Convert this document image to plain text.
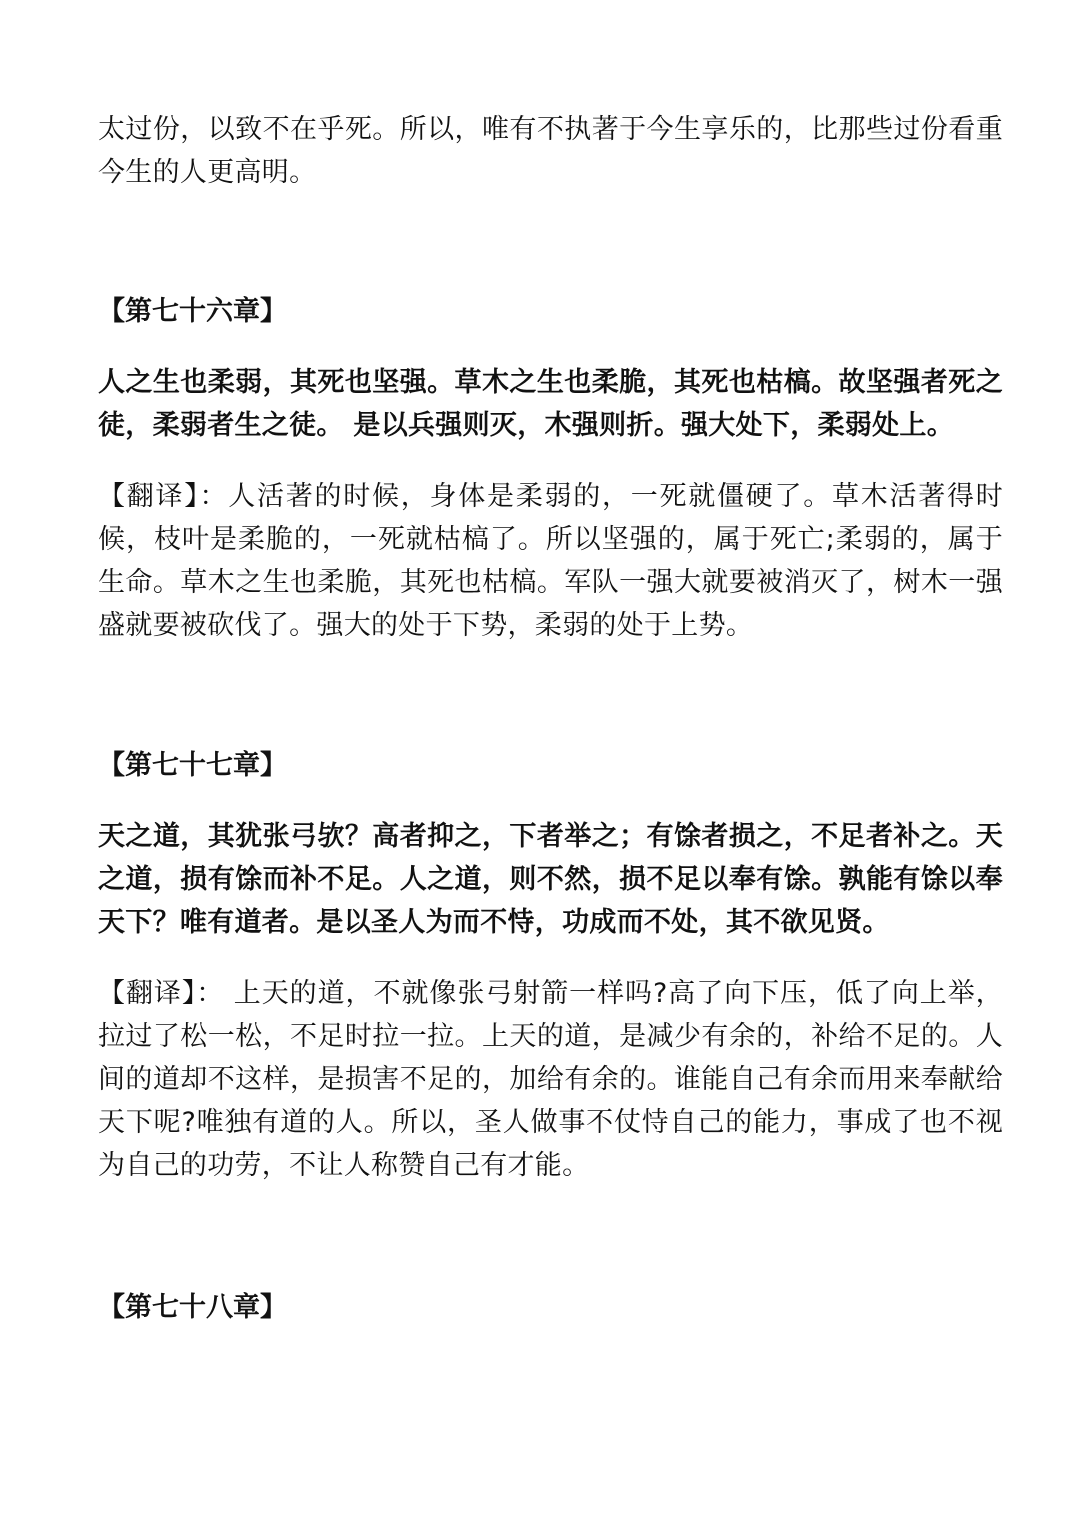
太过份，以致不在乎死。所以，唯有不执著于今生享乐的，比那些过份看重今生的人更高明。

【第七十六章】

人之生也柔弱，其死也坚强。草木之生也柔脆，其死也枯槁。故坚强者死之徒，柔弱者生之徒。 是以兵强则灭，木强则折。强大处下，柔弱处上。

【翻译】：人活著的时候，身体是柔弱的，一死就僵硬了。草木活著得时候，枝叶是柔脆的，一死就枯槁了。所以坚强的，属于死亡;柔弱的，属于生命。草木之生也柔脆，其死也枯槁。军队一强大就要被消灭了，树木一强盛就要被砍伐了。强大的处于下势，柔弱的处于上势。

【第七十七章】

天之道，其犹张弓欤？高者抑之，下者举之；有馀者损之，不足者补之。天之道，损有馀而补不足。人之道，则不然，损不足以奉有馀。孰能有馀以奉天下？唯有道者。是以圣人为而不恃，功成而不处，其不欲见贤。

【翻译】： 上天的道，不就像张弓射箭一样吗?高了向下压，低了向上举，拉过了松一松，不足时拉一拉。上天的道，是减少有余的，补给不足的。人间的道却不这样，是损害不足的，加给有余的。谁能自己有余而用来奉献给天下呢?唯独有道的人。所以，圣人做事不仗恃自己的能力，事成了也不视为自己的功劳，不让人称赞自己有才能。

【第七十八章】
